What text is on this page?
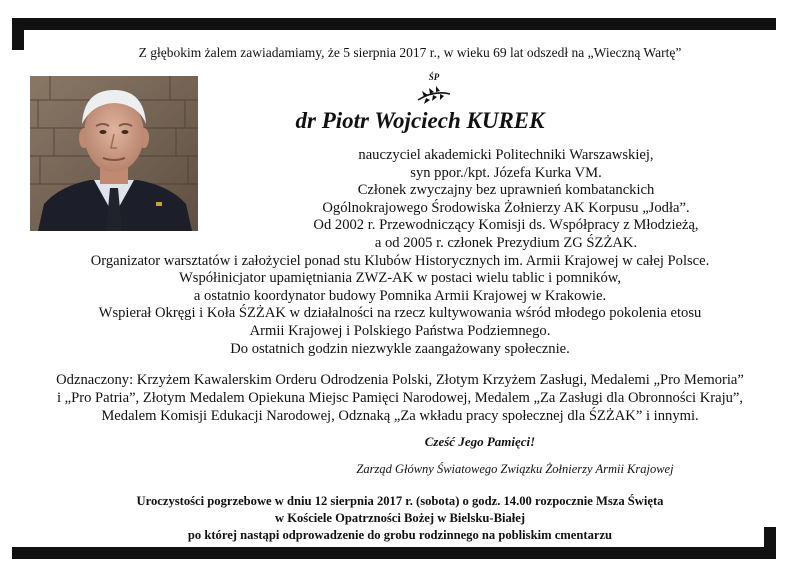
Z głębokim żalem zawiadamiamy, że 5 sierpnia 2017 r., w wieku 69 lat odszedł na „Wieczną Wartę”
ŚP
dr Piotr Wojciech KUREK
nauczyciel akademicki Politechniki Warszawskiej,
syn ppor./kpt. Józefa Kurka VM.
Członek zwyczajny bez uprawnień kombatanckich
Ogólnokrajowego Środowiska Żołnierzy AK Korpusu „Jodła”.
Od 2002 r. Przewodniczący Komisji ds. Współpracy z Młodzieżą,
a od 2005 r. członek Prezydium ZG ŚZŻAK.
Organizator warsztatów i założyciel ponad stu Klubów Historycznych im. Armii Krajowej w całej Polsce.
Współinicjator upamiętniania ZWZ-AK w postaci wielu tablic i pomników,
a ostatnio koordynator budowy Pomnika Armii Krajowej w Krakowie.
Wspierał Okręgi i Koła ŚZŻAK w działalności na rzecz kultywowania wśród młodego pokolenia etosu
Armii Krajowej i Polskiego Państwa Podziemnego.
Do ostatnich godzin niezwykle zaangażowany społecznie.
Odznaczony: Krzyżem Kawalerskim Orderu Odrodzenia Polski, Złotym Krzyżem Zasługi, Medalemi „Pro Memoria”
i „Pro Patria”, Złotym Medalem Opiekuna Miejsc Pamięci Narodowej, Medalem „Za Zasługi dla Obronności Kraju”,
Medalem Komisji Edukacji Narodowej, Odznaką „Za wkładu pracy społecznej dla ŚZŻAK” i innymi.
Cześć Jego Pamięci!
Zarząd Główny Światowego Związku Żołnierzy Armii Krajowej
Uroczystości pogrzebowe w dniu 12 sierpnia 2017 r. (sobota) o godz. 14.00 rozpocznie Msza Święta
w Kościele Opatrzności Bożej w Bielsku-Białej
po której nastąpi odprowadzenie do grobu rodzinnego na pobliskim cmentarzu
